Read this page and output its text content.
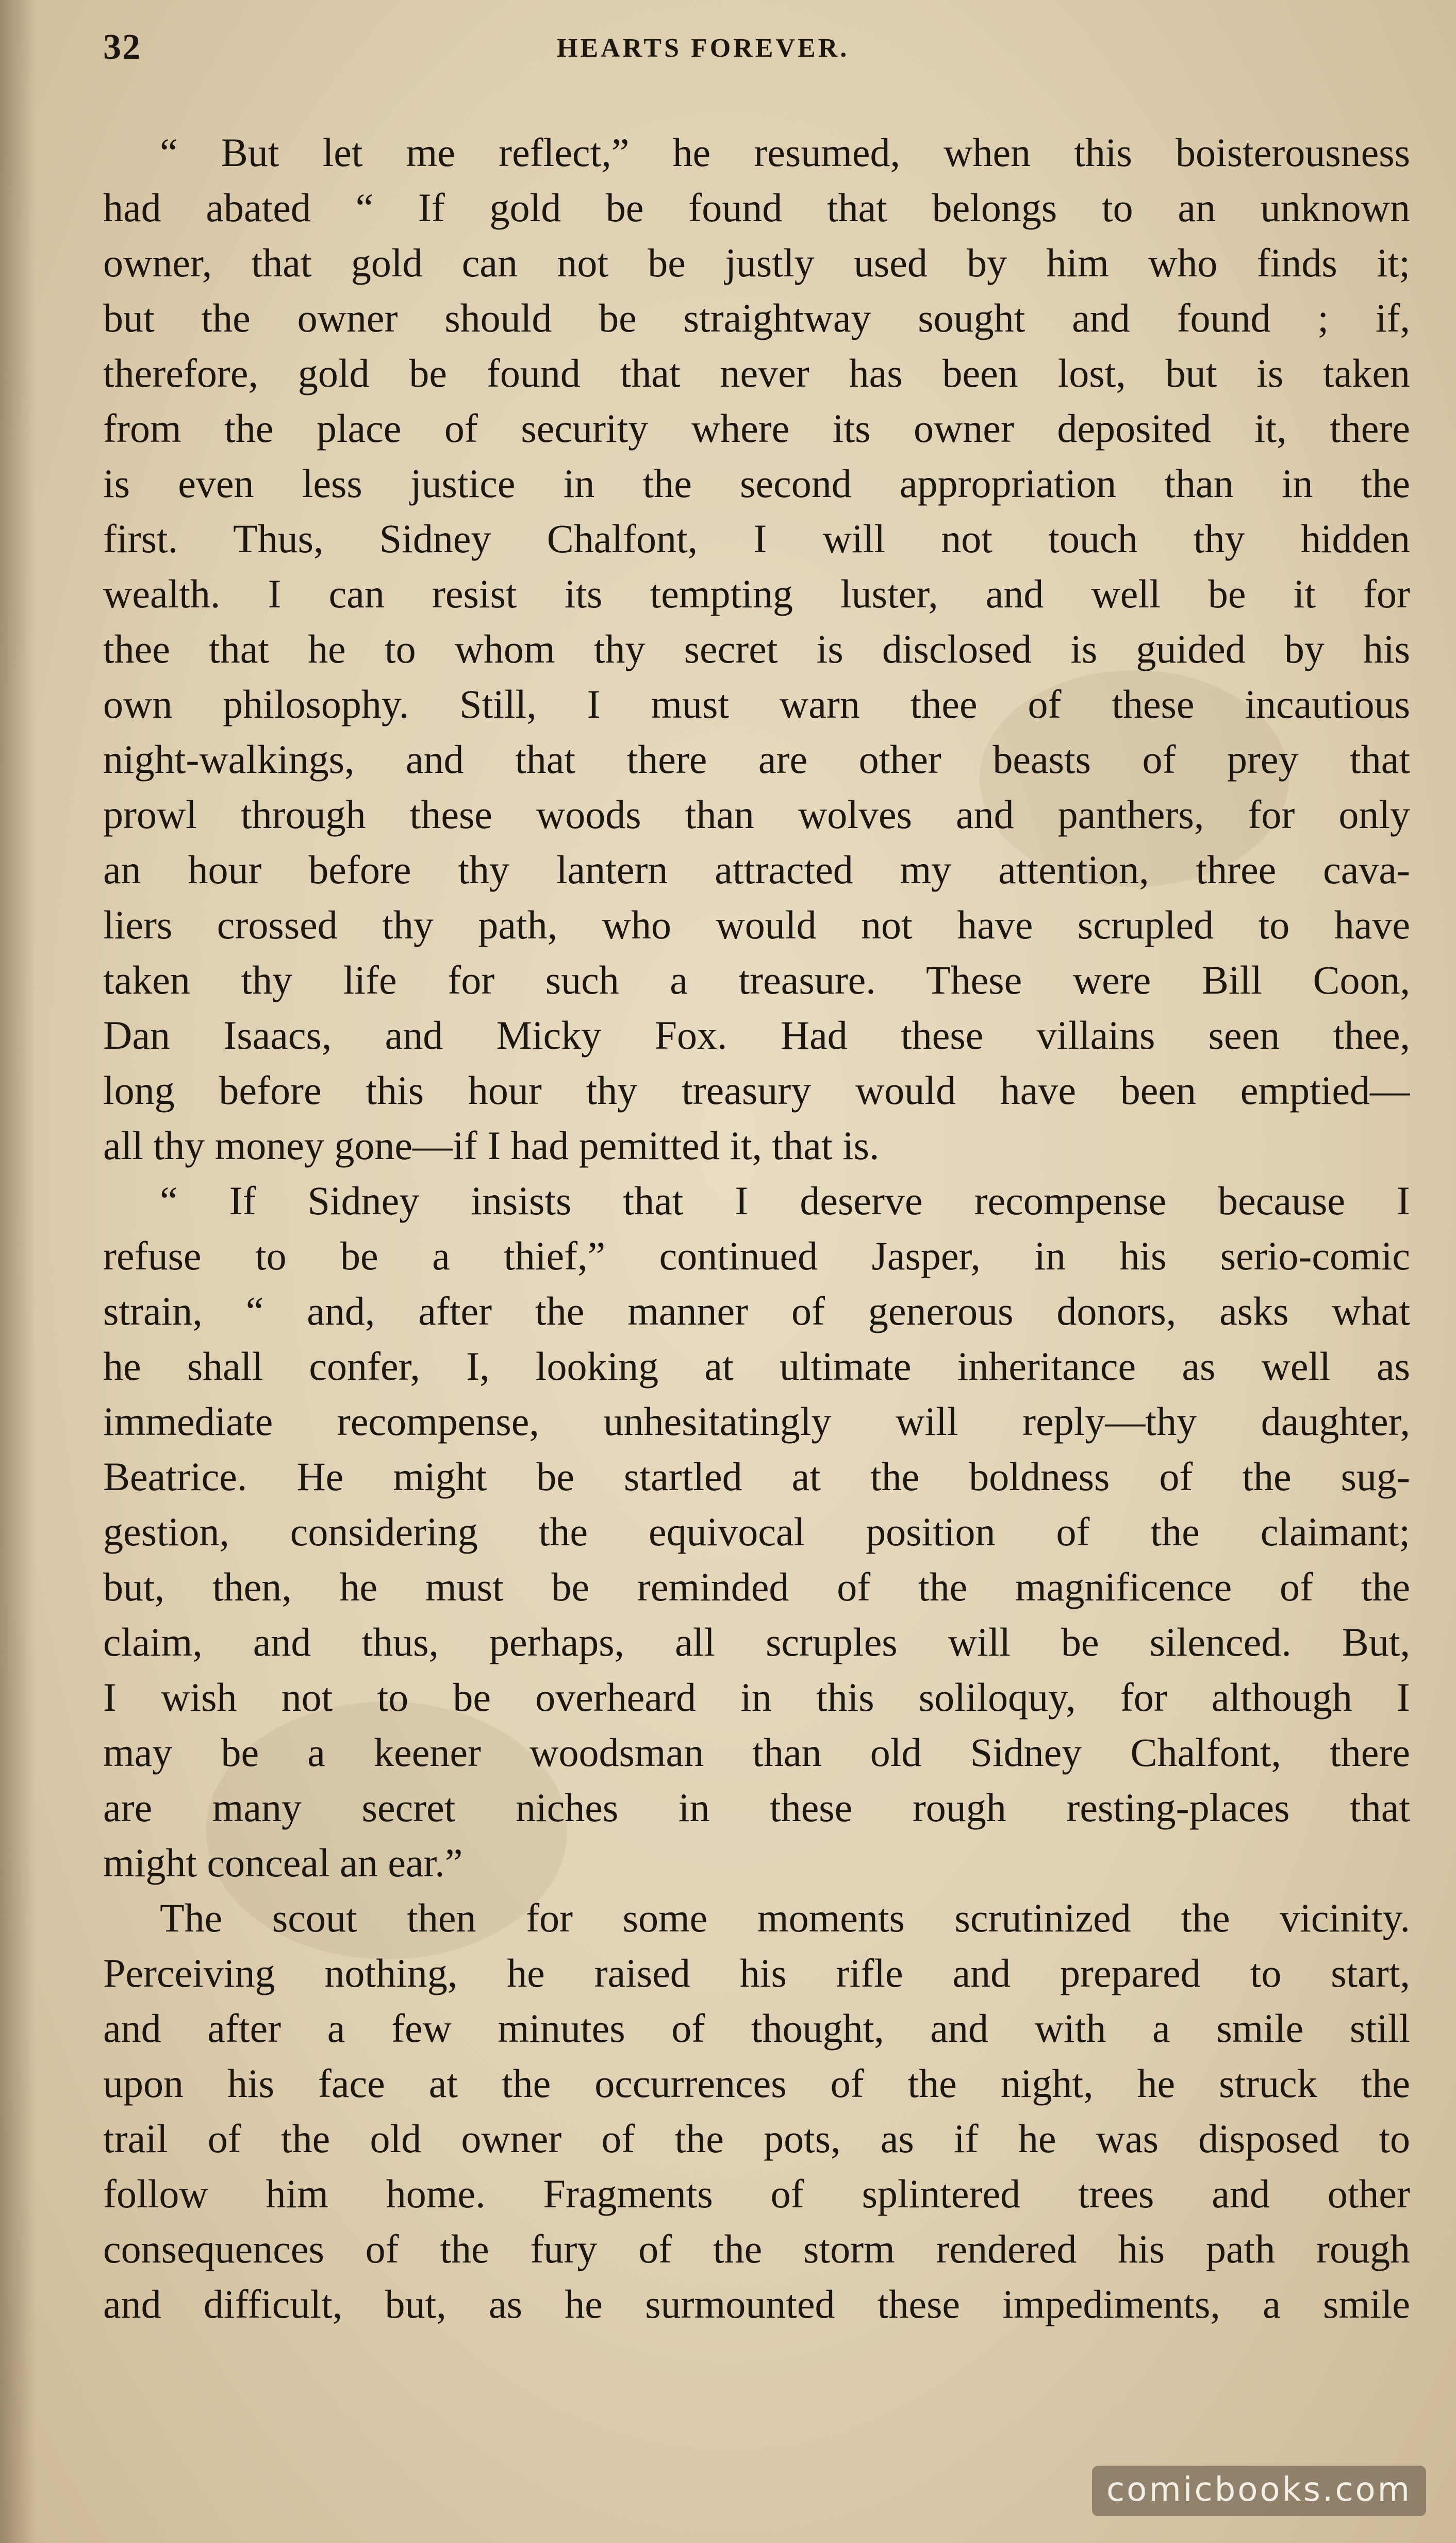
32	HEARTS FOREVER.

“ But let me reflect,” he resumed, when this boisterousness

had abated “ If gold be found that belongs to an unknown

owner, that gold can not be justly used by him who finds it;

but the owner should be straightway sought and found ; if,

therefore, gold be found that never has been lost, but is taken

from the place of security where its owner deposited it, there

is even less justice in the second appropriation than in the

first. Thus, Sidney Chalfont, I will not touch thy hidden

wealth. I can resist its tempting luster, and well be it for

thee that he to whom thy secret is disclosed is guided by his

own philosophy. Still, I must warn thee of these incautious

night-walkings, and that there are other beasts of prey that

prowl through these woods than wolves and panthers, for only

an hour before thy lantern attracted my attention, three cava-

liers crossed thy path, who would not have scrupled to have

taken thy life for such a treasure. These were Bill Coon,

Dan Isaacs, and Micky Fox. Had these villains seen thee,

long before this hour thy treasury would have been emptied—

all thy money gone—if I had pemitted it, that is.

“ If Sidney insists that I deserve recompense because I

refuse to be a thief,” continued Jasper, in his serio-comic

strain, “ and, after the manner of generous donors, asks what

he shall confer, I, looking at ultimate inheritance as well as

immediate recompense, unhesitatingly will reply—thy daughter,

Beatrice. He might be startled at the boldness of the sug-

gestion, considering the equivocal position of the claimant;

but, then, he must be reminded of the magnificence of the

claim, and thus, perhaps, all scruples will be silenced. But,

I wish not to be overheard in this soliloquy, for although I

may be a keener woodsman than old Sidney Chalfont, there

are many secret niches in these rough resting-places that

might conceal an ear.”

The scout then for some moments scrutinized the vicinity.

Perceiving nothing, he raised his rifle and prepared to start,

and after a few minutes of thought, and with a smile still

upon his face at the occurrences of the night, he struck the

trail of the old owner of the pots, as if he was disposed to

follow him home. Fragments of splintered trees and other

consequences of the fury of the storm rendered his path rough

and difficult, but, as he surmounted these impediments, a smile

comicbooks.com
